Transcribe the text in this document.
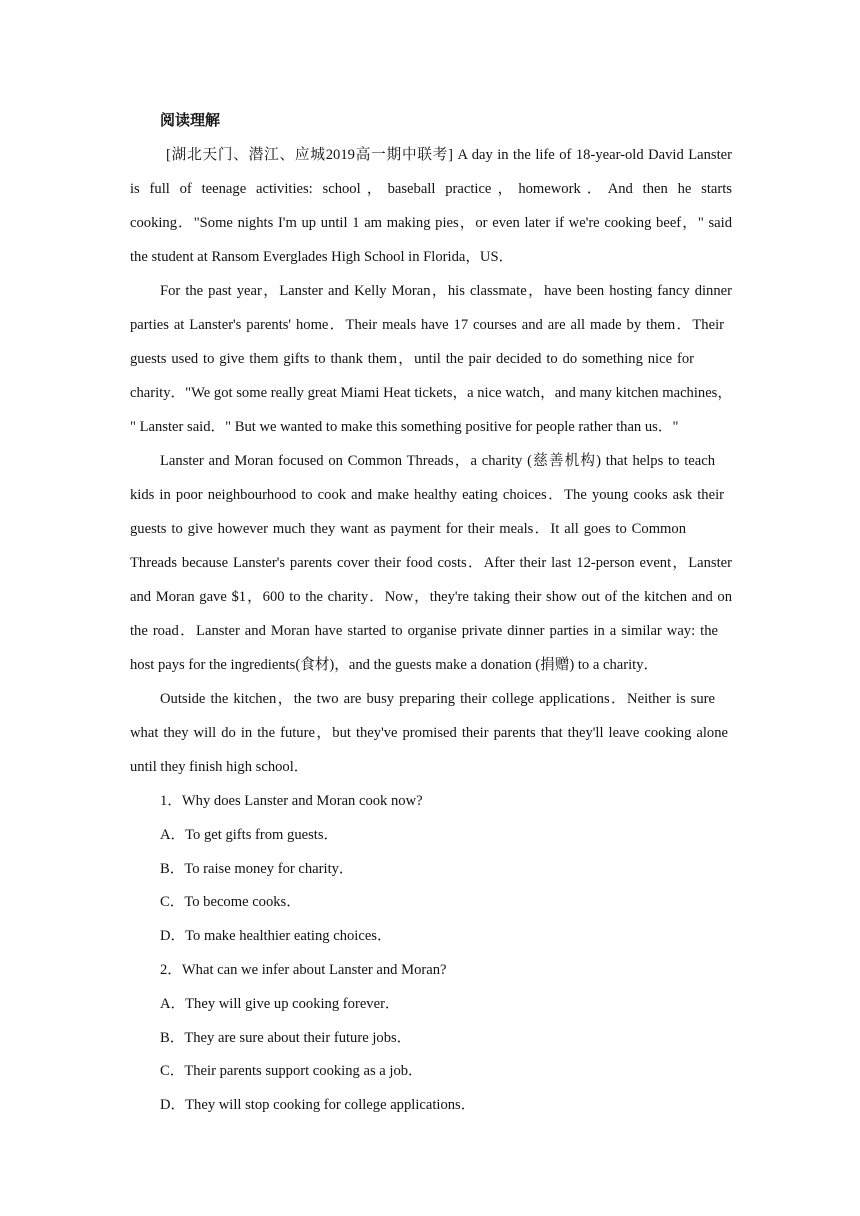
阅读理解
[湖北天门、潜江、应城2019高一期中联考] A day in the life of 18-year-old David Lanster
is full of teenage activities: school，baseball practice，homework．And then he starts
cooking．"Some nights I'm up until 1 am making pies，or even later if we're cooking beef，" said
the student at Ransom Everglades High School in Florida，US．
For the past year，Lanster and Kelly Moran，his classmate，have been hosting fancy dinner
parties at Lanster's parents' home．Their meals have 17 courses and are all made by them．Their
guests used to give them gifts to thank them，until the pair decided to do something nice for
charity．"We got some really great Miami Heat tickets，a nice watch，and many kitchen machines，
" Lanster said．" But we wanted to make this something positive for people rather than us．"
Lanster and Moran focused on Common Threads，a charity (慈善机构) that helps to teach
kids in poor neighbourhood to cook and make healthy eating choices．The young cooks ask their
guests to give however much they want as payment for their meals．It all goes to Common
Threads because Lanster's parents cover their food costs．After their last 12-person event，Lanster
and Moran gave $1，600 to the charity．Now，they're taking their show out of the kitchen and on
the road．Lanster and Moran have started to organise private dinner parties in a similar way: the
host pays for the ingredients(食材)，and the guests make a donation (捐赠) to a charity．
Outside the kitchen，the two are busy preparing their college applications．Neither is sure
what they will do in the future，but they've promised their parents that they'll leave cooking alone
until they finish high school．
1．Why does Lanster and Moran cook now?
A．To get gifts from guests．
B．To raise money for charity．
C．To become cooks．
D．To make healthier eating choices．
2．What can we infer about Lanster and Moran?
A．They will give up cooking forever．
B．They are sure about their future jobs．
C．Their parents support cooking as a job．
D．They will stop cooking for college applications．
